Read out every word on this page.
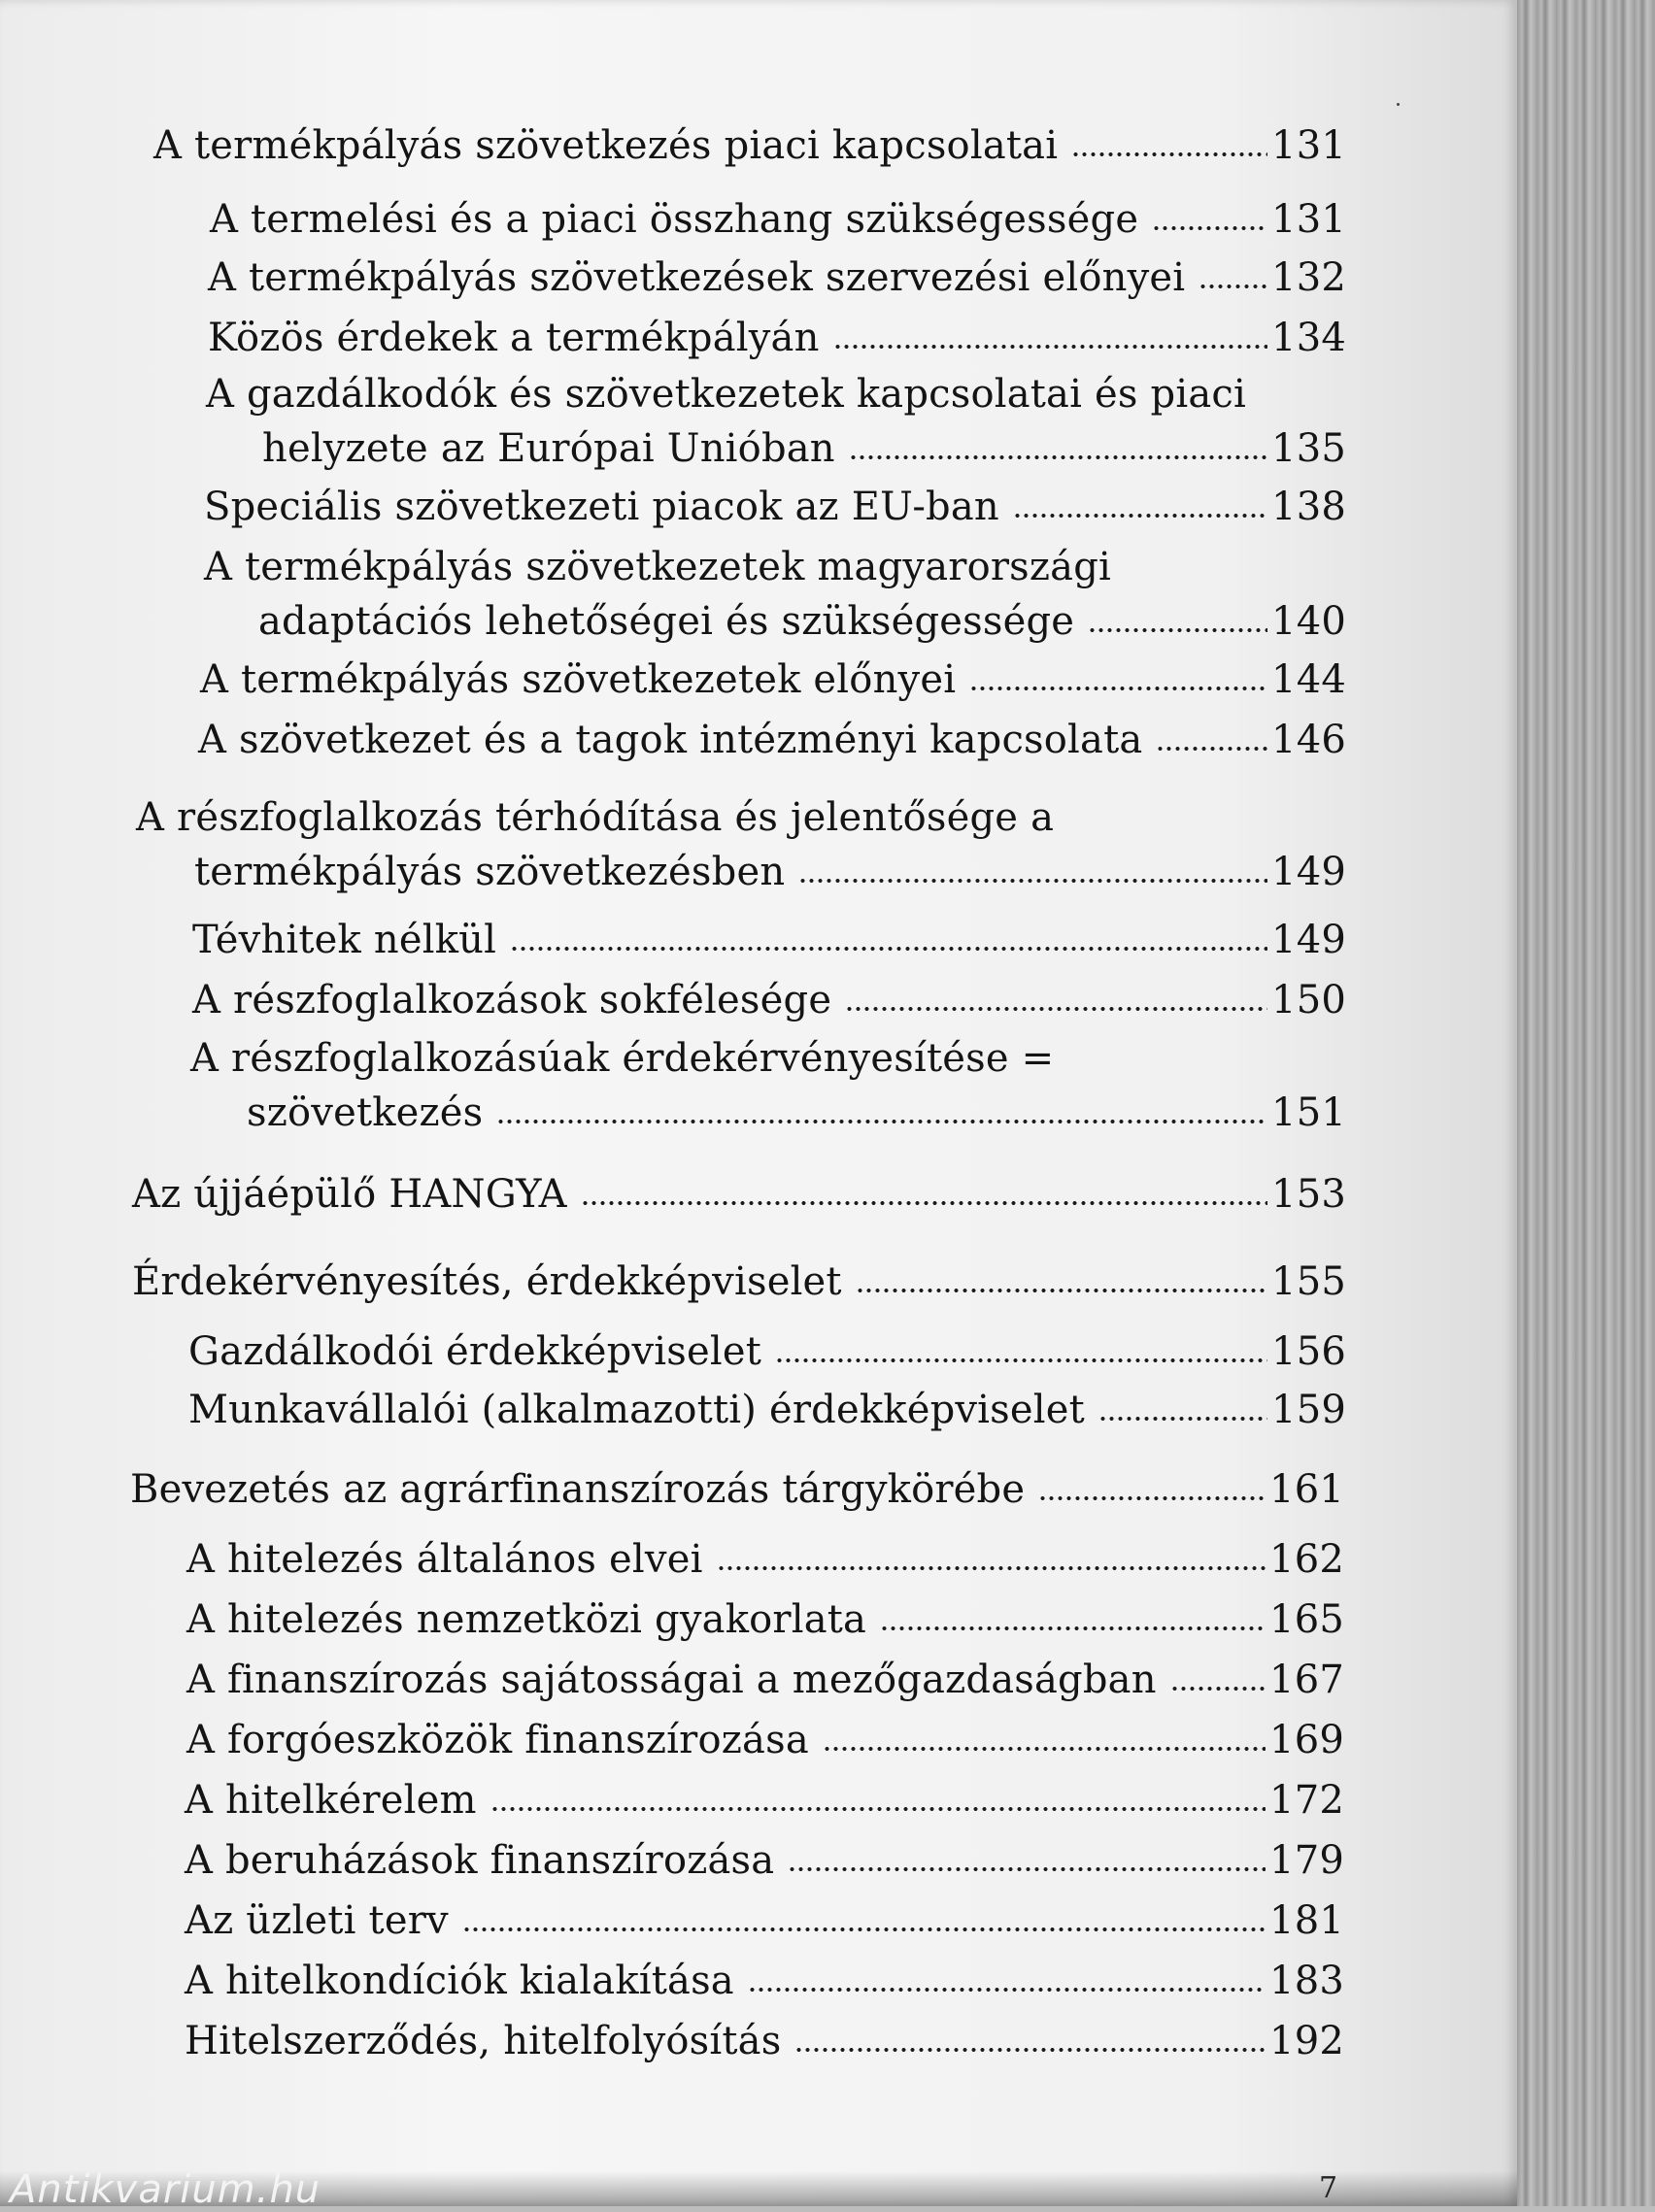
A termékpályás szövetkezés piaci kapcsolatai	131
A termelési és a piaci összhang szükségessége	131
A termékpályás szövetkezések szervezési előnyei 132
Közös érdekek a termékpályán	134
A gazdálkodók és szövetkezetek kapcsolatai és piaci
helyzete az Európai Unióban	135
Speciális szövetkezeti piacok az EU-ban	138
A termékpályás szövetkezetek magyarországi
adaptációs lehetőségei és szükségessége	140
A termékpályás szövetkezetek előnyei	144
A szövetkezet és a tagok intézményi kapcsolata	146
A részfoglalkozás térhódítása és jelentősége a
termékpályás szövetkezésben	149
Tévhitek nélkül	149
A részfoglalkozások sokfélesége	150
A részfoglalkozásúak érdekérvényesítése =
szövetkezés	151
Az újjáépülő HANGYA	153
Érdekérvényesítés, érdekképviselet	155
Gazdálkodói érdekképviselet	156
Munkavállalói (alkalmazotti) érdekképviselet	159
Bevezetés az agrárfinanszírozás tárgykörébe	161
A hitelezés általános elvei	162
A hitelezés nemzetközi gyakorlata	165
A finanszírozás sajátosságai a mezőgazdaságban	167
A forgóeszközök finanszírozása	169
A hitelkérelem	172
A beruházások finanszírozása	179
Az üzleti terv	181
A hitelkondíciók kialakítása	183
Hitelszerződés, hitelfolyósítás	192
Antikvarium.hu	7
